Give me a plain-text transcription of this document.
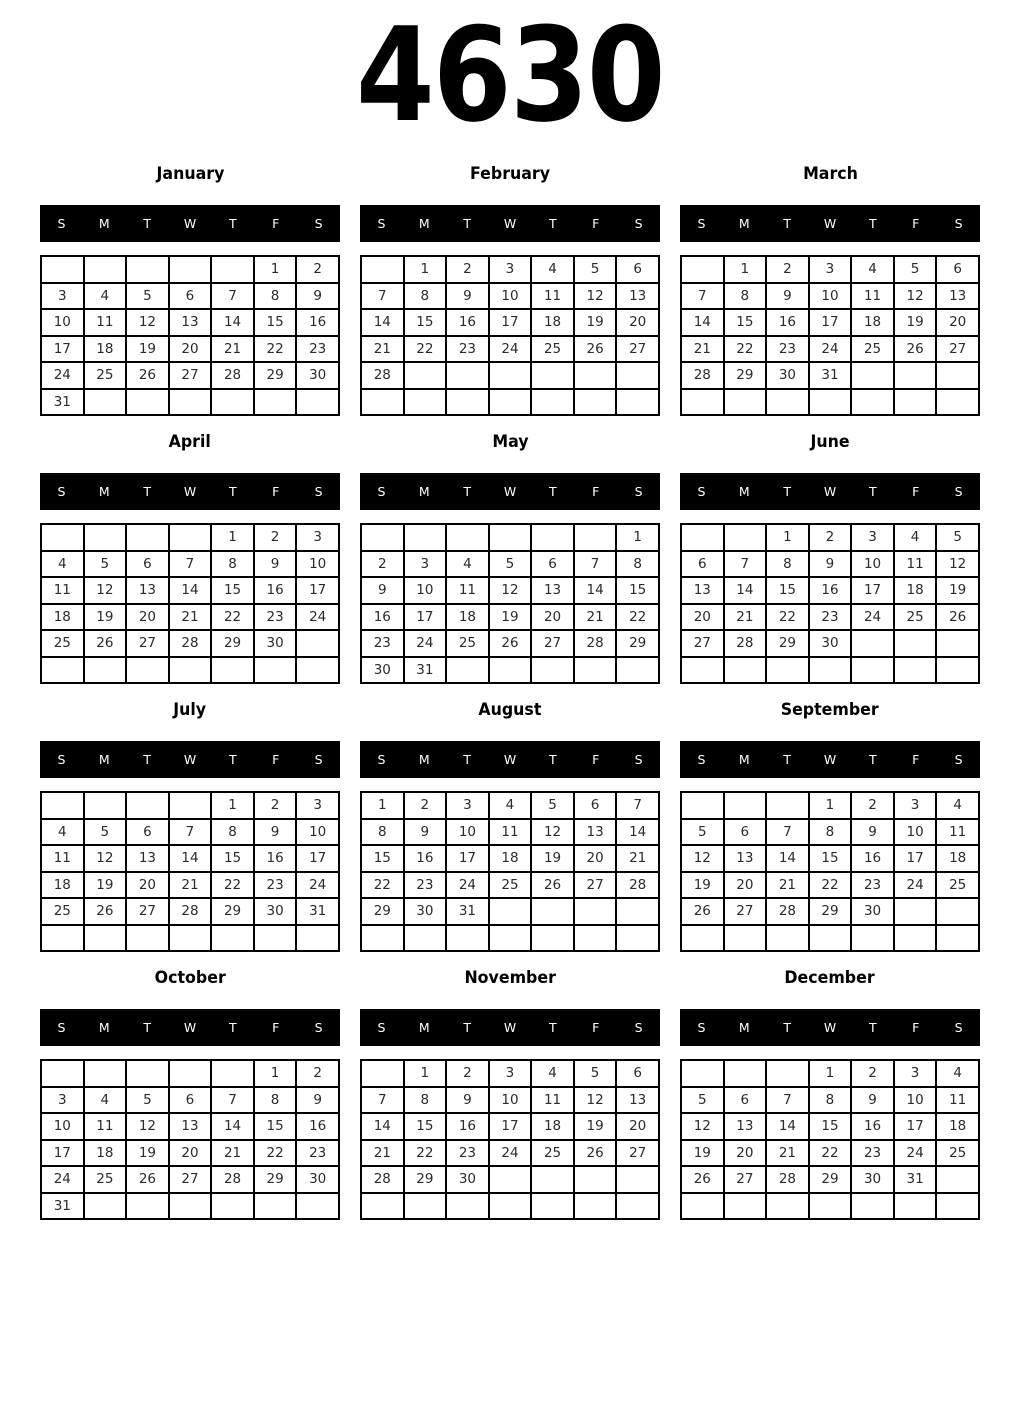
4630
January
S	M	T	W	T	F	S
					1	2
3	4	5	6	7	8	9
10	11	12	13	14	15	16
17	18	19	20	21	22	23
24	25	26	27	28	29	30
31						
February
S	M	T	W	T	F	S
	1	2	3	4	5	6
7	8	9	10	11	12	13
14	15	16	17	18	19	20
21	22	23	24	25	26	27
28						

March
S	M	T	W	T	F	S
	1	2	3	4	5	6
7	8	9	10	11	12	13
14	15	16	17	18	19	20
21	22	23	24	25	26	27
28	29	30	31			

April
S	M	T	W	T	F	S
				1	2	3
4	5	6	7	8	9	10
11	12	13	14	15	16	17
18	19	20	21	22	23	24
25	26	27	28	29	30	

May
S	M	T	W	T	F	S
						1
2	3	4	5	6	7	8
9	10	11	12	13	14	15
16	17	18	19	20	21	22
23	24	25	26	27	28	29
30	31					
June
S	M	T	W	T	F	S
		1	2	3	4	5
6	7	8	9	10	11	12
13	14	15	16	17	18	19
20	21	22	23	24	25	26
27	28	29	30			

July
S	M	T	W	T	F	S
				1	2	3
4	5	6	7	8	9	10
11	12	13	14	15	16	17
18	19	20	21	22	23	24
25	26	27	28	29	30	31

August
S	M	T	W	T	F	S
1	2	3	4	5	6	7
8	9	10	11	12	13	14
15	16	17	18	19	20	21
22	23	24	25	26	27	28
29	30	31				

September
S	M	T	W	T	F	S
			1	2	3	4
5	6	7	8	9	10	11
12	13	14	15	16	17	18
19	20	21	22	23	24	25
26	27	28	29	30		

October
S	M	T	W	T	F	S
					1	2
3	4	5	6	7	8	9
10	11	12	13	14	15	16
17	18	19	20	21	22	23
24	25	26	27	28	29	30
31						
November
S	M	T	W	T	F	S
	1	2	3	4	5	6
7	8	9	10	11	12	13
14	15	16	17	18	19	20
21	22	23	24	25	26	27
28	29	30				

December
S	M	T	W	T	F	S
			1	2	3	4
5	6	7	8	9	10	11
12	13	14	15	16	17	18
19	20	21	22	23	24	25
26	27	28	29	30	31	
